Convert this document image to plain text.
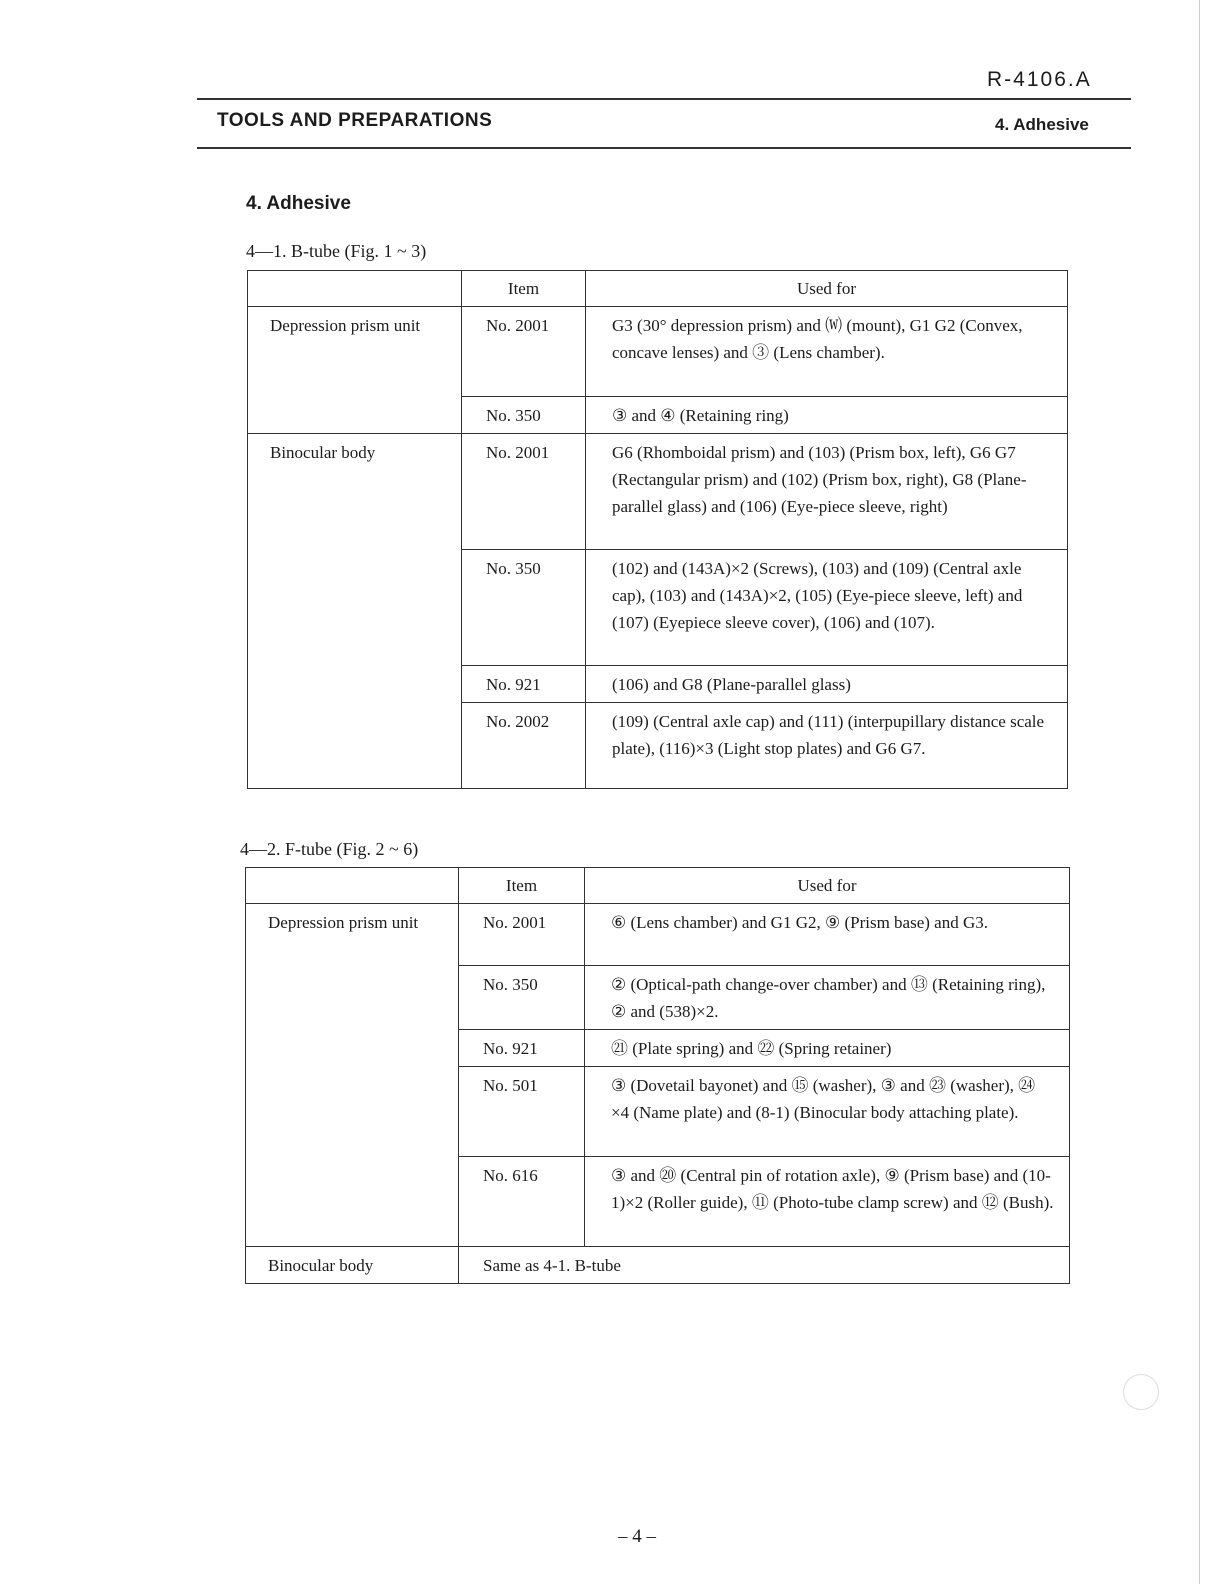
R-4106.A
TOOLS AND PREPARATIONS	4. Adhesive
4. Adhesive
4—1. B-tube (Fig. 1 ~ 3)
	Item	Used for
Depression prism unit	No. 2001	G3 (30° depression prism) and ⒲ (mount), G1 G2 (Convex, concave lenses) and ③ (Lens chamber).
	No. 350	③ and ④ (Retaining ring)
Binocular body	No. 2001	G6 (Rhomboidal prism) and (103) (Prism box, left), G6 G7 (Rectangular prism) and (102) (Prism box, right), G8 (Plane-parallel glass) and (106) (Eye-piece sleeve, right)
	No. 350	(102) and (143A)×2 (Screws), (103) and (109) (Central axle cap), (103) and (143A)×2, (105) (Eye-piece sleeve, left) and (107) (Eyepiece sleeve cover), (106) and (107).
	No. 921	(106) and G8 (Plane-parallel glass)
	No. 2002	(109) (Central axle cap) and (111) (interpupillary distance scale plate), (116)×3 (Light stop plates) and G6 G7.
4—2. F-tube (Fig. 2 ~ 6)
	Item	Used for
Depression prism unit	No. 2001	⑥ (Lens chamber) and G1 G2, ⑨ (Prism base) and G3.
	No. 350	② (Optical-path change-over chamber) and ⑬ (Retaining ring), ② and (538)×2.
	No. 921	㉑ (Plate spring) and ㉒ (Spring retainer)
	No. 501	③ (Dovetail bayonet) and ⑮ (washer), ③ and ㉓ (washer), ㉔ ×4 (Name plate) and (8-1) (Binocular body attaching plate).
	No. 616	③ and ⑳ (Central pin of rotation axle), ⑨ (Prism base) and (10-1)×2 (Roller guide), ⑪ (Photo-tube clamp screw) and ⑫ (Bush).
Binocular body	Same as 4-1. B-tube	
– 4 –
